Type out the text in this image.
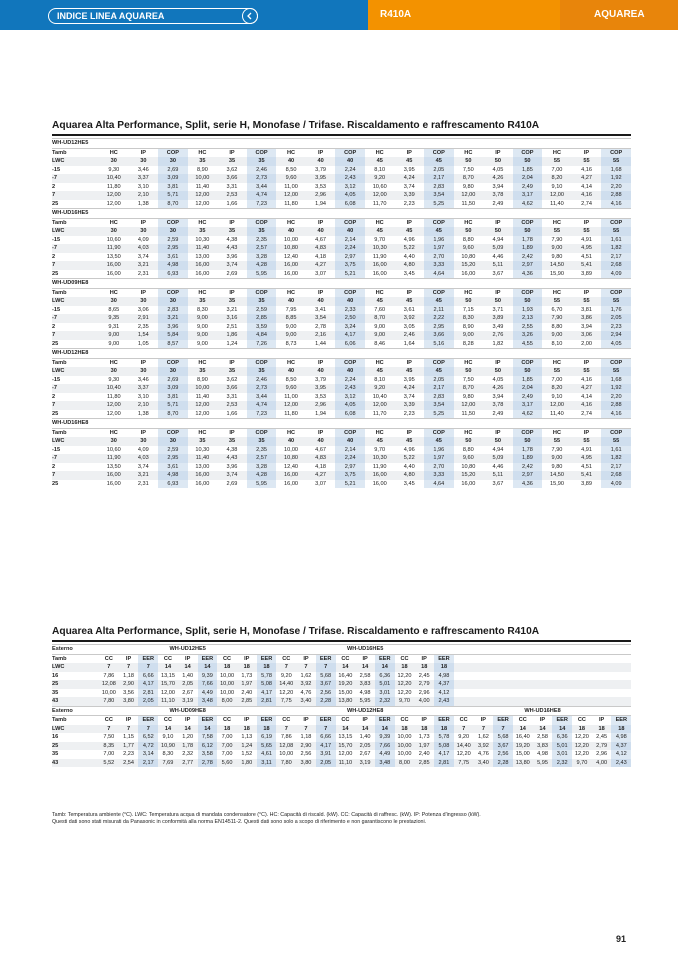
INDICE LINEA AQUAREA	R410A	AQUAREA
Aquarea Alta Performance, Split, serie H, Monofase / Trifase. Riscaldamento e raffrescamento R410A
WH-UD12HE5																		
Tamb	HC	IP	COP	HC	IP	COP	HC	IP	COP	HC	IP	COP	HC	IP	COP	HC	IP	COP
LWC	30	30	30	35	35	35	40	40	40	45	45	45	50	50	50	55	55	55
-15	9,30	3,46	2,69	8,90	3,62	2,46	8,50	3,79	2,24	8,10	3,95	2,05	7,50	4,05	1,85	7,00	4,16	1,68
-7	10,40	3,37	3,09	10,00	3,66	2,73	9,60	3,95	2,43	9,20	4,24	2,17	8,70	4,26	2,04	8,20	4,27	1,92
2	11,80	3,10	3,81	11,40	3,31	3,44	11,00	3,53	3,12	10,60	3,74	2,83	9,80	3,94	2,49	9,10	4,14	2,20
7	12,00	2,10	5,71	12,00	2,53	4,74	12,00	2,96	4,05	12,00	3,39	3,54	12,00	3,78	3,17	12,00	4,16	2,88
25	12,00	1,38	8,70	12,00	1,66	7,23	11,80	1,94	6,08	11,70	2,23	5,25	11,50	2,49	4,62	11,40	2,74	4,16
WH-UD16HE5																		
Tamb	HC	IP	COP	HC	IP	COP	HC	IP	COP	HC	IP	COP	HC	IP	COP	HC	IP	COP
LWC	30	30	30	35	35	35	40	40	40	45	45	45	50	50	50	55	55	55
-15	10,60	4,09	2,59	10,30	4,38	2,35	10,00	4,67	2,14	9,70	4,96	1,96	8,80	4,94	1,78	7,90	4,91	1,61
-7	11,90	4,03	2,95	11,40	4,43	2,57	10,80	4,83	2,24	10,30	5,22	1,97	9,60	5,09	1,89	9,00	4,95	1,82
2	13,50	3,74	3,61	13,00	3,96	3,28	12,40	4,18	2,97	11,90	4,40	2,70	10,80	4,46	2,42	9,80	4,51	2,17
7	16,00	3,21	4,98	16,00	3,74	4,28	16,00	4,27	3,75	16,00	4,80	3,33	15,20	5,11	2,97	14,50	5,41	2,68
25	16,00	2,31	6,93	16,00	2,69	5,95	16,00	3,07	5,21	16,00	3,45	4,64	16,00	3,67	4,36	15,90	3,89	4,09
WH-UD09HE8																		
Tamb	HC	IP	COP	HC	IP	COP	HC	IP	COP	HC	IP	COP	HC	IP	COP	HC	IP	COP
LWC	30	30	30	35	35	35	40	40	40	45	45	45	50	50	50	55	55	55
-15	8,65	3,06	2,83	8,30	3,21	2,59	7,95	3,41	2,33	7,60	3,61	2,11	7,15	3,71	1,93	6,70	3,81	1,76
-7	9,35	2,91	3,21	9,00	3,16	2,85	8,85	3,54	2,50	8,70	3,92	2,22	8,30	3,89	2,13	7,90	3,86	2,05
2	9,31	2,35	3,96	9,00	2,51	3,59	9,00	2,78	3,24	9,00	3,05	2,95	8,90	3,49	2,55	8,80	3,94	2,23
7	9,00	1,54	5,84	9,00	1,86	4,84	9,00	2,16	4,17	9,00	2,46	3,66	9,00	2,76	3,26	9,00	3,06	2,94
25	9,00	1,05	8,57	9,00	1,24	7,26	8,73	1,44	6,06	8,46	1,64	5,16	8,28	1,82	4,55	8,10	2,00	4,05
WH-UD12HE8																		
Tamb	HC	IP	COP	HC	IP	COP	HC	IP	COP	HC	IP	COP	HC	IP	COP	HC	IP	COP
LWC	30	30	30	35	35	35	40	40	40	45	45	45	50	50	50	55	55	55
-15	9,30	3,46	2,69	8,90	3,62	2,46	8,50	3,79	2,24	8,10	3,95	2,05	7,50	4,05	1,85	7,00	4,16	1,68
-7	10,40	3,37	3,09	10,00	3,66	2,73	9,60	3,95	2,43	9,20	4,24	2,17	8,70	4,26	2,04	8,20	4,27	1,92
2	11,80	3,10	3,81	11,40	3,31	3,44	11,00	3,53	3,12	10,40	3,74	2,83	9,80	3,94	2,49	9,10	4,14	2,20
7	12,00	2,10	5,71	12,00	2,53	4,74	12,00	2,96	4,05	12,00	3,39	3,54	12,00	3,78	3,17	12,00	4,16	2,88
25	12,00	1,38	8,70	12,00	1,66	7,23	11,80	1,94	6,08	11,70	2,23	5,25	11,50	2,49	4,62	11,40	2,74	4,16
WH-UD16HE8																		
Tamb	HC	IP	COP	HC	IP	COP	HC	IP	COP	HC	IP	COP	HC	IP	COP	HC	IP	COP
LWC	30	30	30	35	35	35	40	40	40	45	45	45	50	50	50	55	55	55
-15	10,60	4,09	2,59	10,30	4,38	2,35	10,00	4,67	2,14	9,70	4,96	1,96	8,80	4,94	1,78	7,90	4,91	1,61
-7	11,90	4,03	2,95	11,40	4,43	2,57	10,80	4,83	2,24	10,30	5,22	1,97	9,60	5,09	1,89	9,00	4,95	1,82
2	13,50	3,74	3,61	13,00	3,96	3,28	12,40	4,18	2,97	11,90	4,40	2,70	10,80	4,46	2,42	9,80	4,51	2,17
7	16,00	3,21	4,98	16,00	3,74	4,28	16,00	4,27	3,75	16,00	4,80	3,33	15,20	5,11	2,97	14,50	5,41	2,68
25	16,00	2,31	6,93	16,00	2,69	5,95	16,00	3,07	5,21	16,00	3,45	4,64	16,00	3,67	4,36	15,90	3,89	4,09
Aquarea Alta Performance, Split, serie H, Monofase / Trifase. Riscaldamento e raffrescamento R410A
Esterno	WH-UD12HE5									WH-UD16HE5																	
Tamb	CC	IP	EER	CC	IP	EER	CC	IP	EER	CC	IP	EER	CC	IP	EER	CC	IP	EER									
LWC	7	7	7	14	14	14	18	18	18	7	7	7	14	14	14	18	18	18									
16	7,86	1,18	6,66	13,15	1,40	9,39	10,00	1,73	5,78	9,20	1,62	5,68	16,40	2,58	6,36	12,20	2,45	4,98									
25	12,08	2,90	4,17	15,70	2,05	7,66	10,00	1,97	5,08	14,40	3,92	3,67	19,20	3,83	5,01	12,20	2,79	4,37									
35	10,00	3,56	2,81	12,00	2,67	4,49	10,00	2,40	4,17	12,20	4,76	2,56	15,00	4,98	3,01	12,20	2,96	4,12									
43	7,80	3,80	2,05	11,10	3,19	3,48	8,00	2,85	2,81	7,75	3,40	2,28	13,80	5,95	2,32	9,70	4,00	2,43									
Esterno	WH-UD09HE8									WH-UD12HE8									WH-UD16HE8								
Tamb	CC	IP	EER	CC	IP	EER	CC	IP	EER	CC	IP	EER	CC	IP	EER	CC	IP	EER	CC	IP	EER	CC	IP	EER	CC	IP	EER
LWC	7	7	7	14	14	14	18	18	18	7	7	7	14	14	14	18	18	18	7	7	7	14	14	14	18	18	18
16	7,50	1,15	6,52	9,10	1,20	7,58	7,00	1,13	6,19	7,86	1,18	6,66	13,15	1,40	9,39	10,00	1,73	5,78	9,20	1,62	5,68	16,40	2,58	6,36	12,20	2,45	4,98
25	8,35	1,77	4,72	10,90	1,78	6,12	7,00	1,24	5,65	12,08	2,90	4,17	15,70	2,05	7,66	10,00	1,97	5,08	14,40	3,92	3,67	19,20	3,83	5,01	12,20	2,79	4,37
35	7,00	2,23	3,14	8,30	2,32	3,58	7,00	1,52	4,61	10,00	2,56	3,91	12,00	2,67	4,49	10,00	2,40	4,17	12,20	4,76	2,56	15,00	4,98	3,01	12,20	2,96	4,12
43	5,52	2,54	2,17	7,69	2,77	2,78	5,60	1,80	3,11	7,80	3,80	2,05	11,10	3,19	3,48	8,00	2,85	2,81	7,75	3,40	2,28	13,80	5,95	2,32	9,70	4,00	2,43
Tamb: Temperatura ambiente (°C). LWC: Temperatura acqua di mandata condensatore (°C). HC: Capacità di riscald. (kW). CC: Capacità di raffresc. (kW). IP: Potenza d'ingresso (kW).
Questi dati sono stati misurati da Panasonic in conformità alla norma EN14511-2. Questi dati sono solo a scopo di riferimento e non garantiscono le prestazioni.
91
